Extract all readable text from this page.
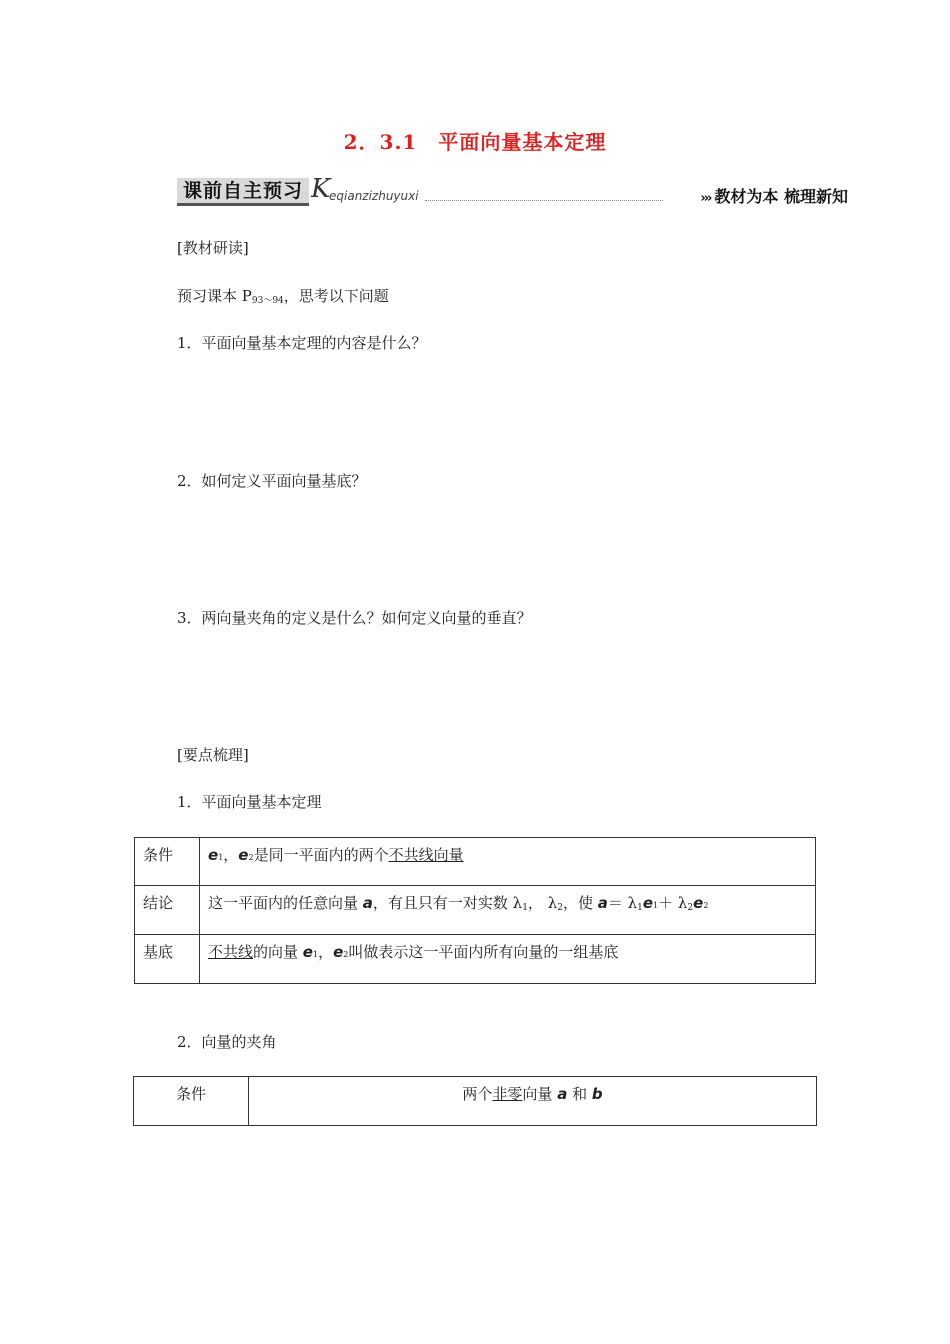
2．3.1　平面向量基本定理
课前自主预习 K
eqianzizhuyuxi	››› 教材为本 梳理新知
[教材研读]
预习课本 $P_{93\sim 94}$，思考以下问题
1．平面向量基本定理的内容是什么？
2．如何定义平面向量基底？
3．两向量夹角的定义是什么？如何定义向量的垂直？
[要点梳理]
1．平面向量基本定理
条件	e1，e2是同一平面内的两个不共线向量
结论	这一平面内的任意向量 a，有且只有一对实数 $\lambda_1$， $\lambda_2$，使 $a= \lambda_1e1+ \lambda_2e2$
基底	不共线的向量 e1，e2叫做表示这一平面内所有向量的一组基底
2．向量的夹角
条件	两个非零向量 a 和 b
